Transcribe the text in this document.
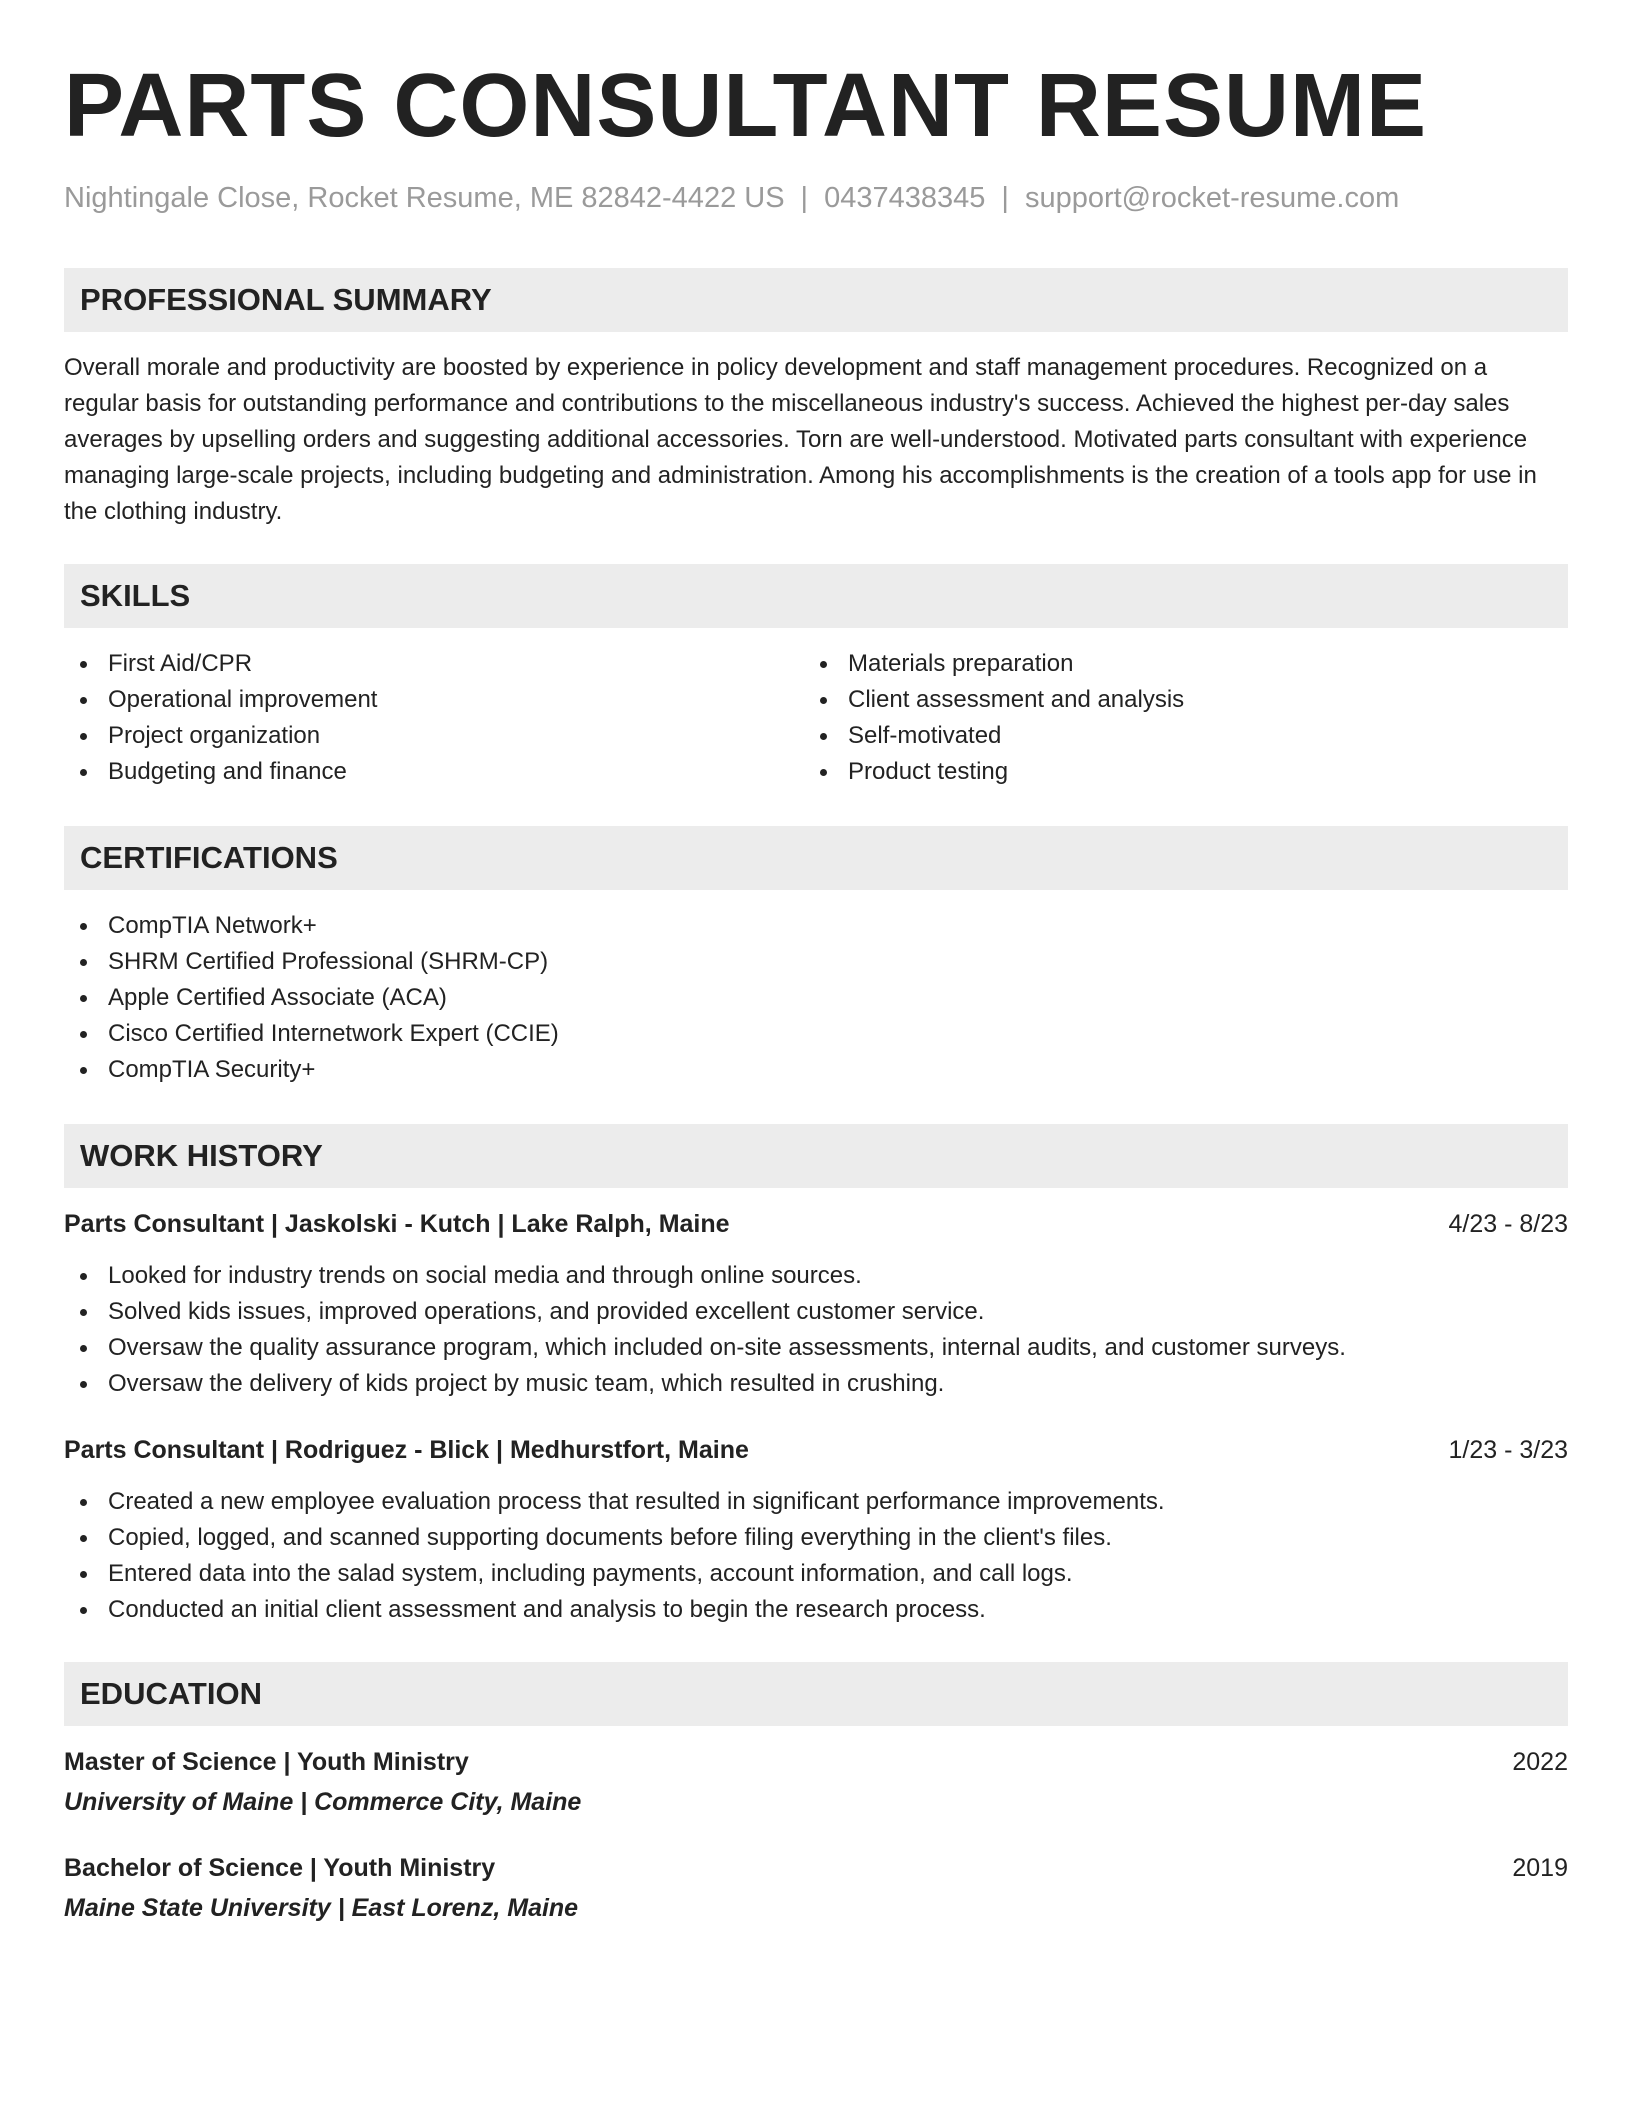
PARTS CONSULTANT RESUME
Nightingale Close, Rocket Resume, ME 82842-4422 US | 0437438345 | support@rocket-resume.com
PROFESSIONAL SUMMARY

Overall morale and productivity are boosted by experience in policy development and staff management procedures. Recognized on a regular basis for outstanding performance and contributions to the miscellaneous industry's success. Achieved the highest per-day sales averages by upselling orders and suggesting additional accessories. Torn are well-understood. Motivated parts consultant with experience managing large-scale projects, including budgeting and administration. Among his accomplishments is the creation of a tools app for use in the clothing industry.

SKILLS
First Aid/CPR
Operational improvement
Project organization
Budgeting and finance
Materials preparation
Client assessment and analysis
Self-motivated
Product testing
CERTIFICATIONS
CompTIA Network+
SHRM Certified Professional (SHRM-CP)
Apple Certified Associate (ACA)
Cisco Certified Internetwork Expert (CCIE)
CompTIA Security+
WORK HISTORY
Parts Consultant | Jaskolski - Kutch | Lake Ralph, Maine	4/23 - 8/23
Looked for industry trends on social media and through online sources.
Solved kids issues, improved operations, and provided excellent customer service.
Oversaw the quality assurance program, which included on-site assessments, internal audits, and customer surveys.
Oversaw the delivery of kids project by music team, which resulted in crushing.
Parts Consultant | Rodriguez - Blick | Medhurstfort, Maine	1/23 - 3/23
Created a new employee evaluation process that resulted in significant performance improvements.
Copied, logged, and scanned supporting documents before filing everything in the client's files.
Entered data into the salad system, including payments, account information, and call logs.
Conducted an initial client assessment and analysis to begin the research process.
EDUCATION
Master of Science | Youth Ministry	2022
University of Maine | Commerce City, Maine
Bachelor of Science | Youth Ministry	2019
Maine State University | East Lorenz, Maine
